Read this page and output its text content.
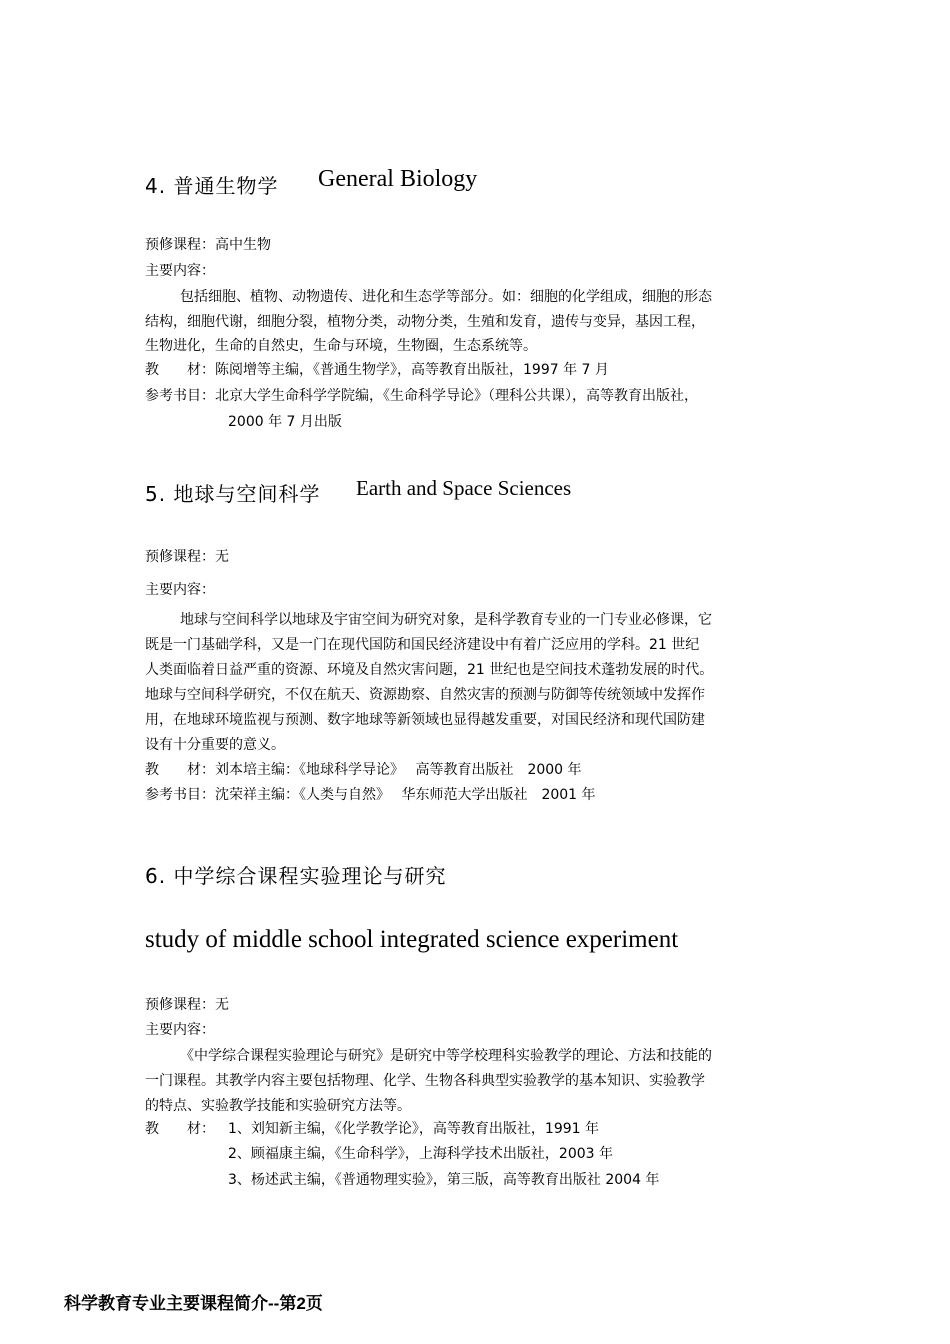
4. 普通生物学 General Biology
预修课程：高中生物
主要内容：
包括细胞、植物、动物遗传、进化和生态学等部分。如：细胞的化学组成，细胞的形态
结构，细胞代谢，细胞分裂，植物分类，动物分类，生殖和发育，遗传与变异，基因工程，
生物进化，生命的自然史，生命与环境，生物圈，生态系统等。
教　　材：陈阅增等主编，《普通生物学》，高等教育出版社，1997 年 7 月
参考书目：北京大学生命科学学院编，《生命科学导论》（理科公共课），高等教育出版社，
2000 年 7 月出版
5. 地球与空间科学 Earth and Space Sciences
预修课程：无
主要内容：
地球与空间科学以地球及宇宙空间为研究对象，是科学教育专业的一门专业必修课，它
既是一门基础学科，又是一门在现代国防和国民经济建设中有着广泛应用的学科。21 世纪
人类面临着日益严重的资源、环境及自然灾害问题，21 世纪也是空间技术蓬勃发展的时代。
地球与空间科学研究，不仅在航天、资源勘察、自然灾害的预测与防御等传统领域中发挥作
用，在地球环境监视与预测、数字地球等新领域也显得越发重要，对国民经济和现代国防建
设有十分重要的意义。
教　　材：刘本培主编：《地球科学导论》　 高等教育出版社　2000 年
参考书目：沈荣祥主编：《人类与自然》　 华东师范大学出版社　2001 年
6. 中学综合课程实验理论与研究
study of middle school integrated science experiment
预修课程：无
主要内容：
《中学综合课程实验理论与研究》是研究中等学校理科实验教学的理论、方法和技能的
一门课程。其教学内容主要包括物理、化学、生物各科典型实验教学的基本知识、实验教学
的特点、实验教学技能和实验研究方法等。
教　　材： 1、刘知新主编，《化学教学论》，高等教育出版社，1991 年
2、顾福康主编，《生命科学》，上海科学技术出版社，2003 年
3、杨述武主编，《普通物理实验》，第三版，高等教育出版社 2004 年
科学教育专业主要课程简介--第2页
